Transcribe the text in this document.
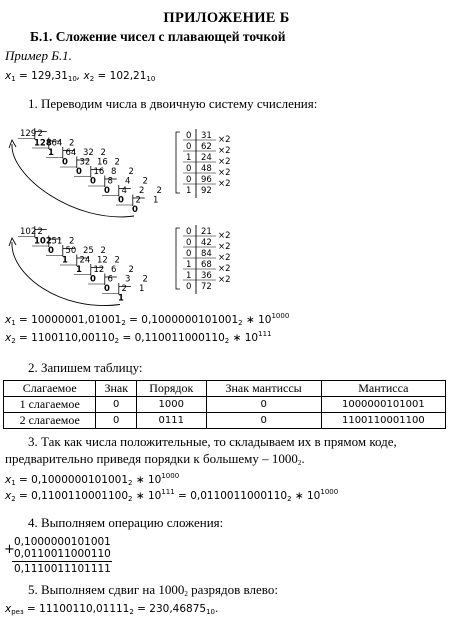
ПРИЛОЖЕНИЕ Б
Б.1. Сложение чисел с плавающей точкой
Пример Б.1.
$x_1 = 129,31_{10}$, $x_2 = 102,21_{10}$
1. Переводим числа в двоичную систему счисления:
129 2
128 64 2
1 64 32 2
0 32 16 2
0 16 8 2
0 8 4 2
0 4 2 2
0 2 1
0
0 31 ×2
0 62 ×2
1 24 ×2
0 48 ×2
0 96 ×2
1 92
102 2
102 51 2
0 50 25 2
1 24 12 2
1 12 6 2
0 6 3 2
0 2 1
1
0 21 ×2
0 42 ×2
0 84 ×2
1 68 ×2
1 36 ×2
0 72
$x_1 = 10000001,01001_2 = 0,1000000101001_2$ ∗ $10^{1000}$
$x_2 = 1100110,00110_2 = 0,110011000110_2$ ∗ $10^{111}$
2. Запишем таблицу:
Слагаемое	Знак	Порядок	Знак мантиссы	Мантисса
1 слагаемое	0	1000	0	1000000101001
2 слагаемое	0	0111	0	1100110001100
3. Так как числа положительные, то складываем их в прямом коде,
предварительно приведя порядки к большему – $1000_2$.
$x_1 = 0,1000000101001_2$ ∗ $10^{1000}$
$x_2 = 0,1100110001100_2$ ∗ $10^{111} = 0,0110011000110_2$ ∗ $10^{1000}$
4. Выполняем операцию сложения:
+ 0,1000000101001
0,0110011000110
0,1110011101111
5. Выполняем сдвиг на $1000_2$ разрядов влево:
$x_{рез} = 11100110,01111_2 = 230,46875_{10}$.
